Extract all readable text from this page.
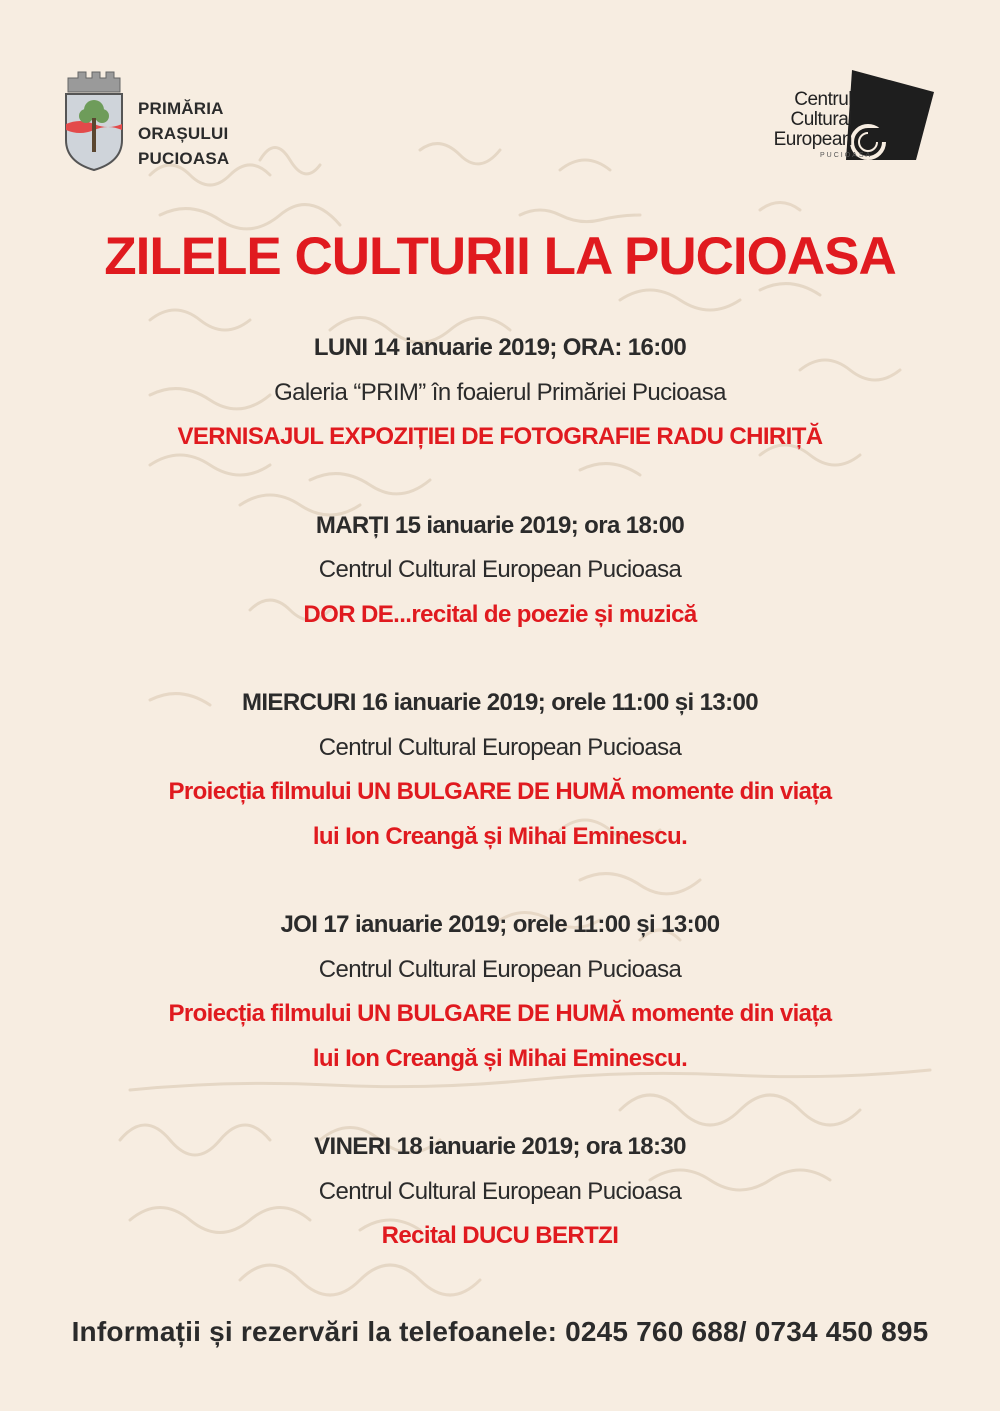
PRIMĂRIA
ORAȘULUI PUCIOASA
Centrul
Cultural
European
PUCIOASA
ZILELE CULTURII LA PUCIOASA
LUNI 14 ianuarie 2019; ORA: 16:00
Galeria “PRIM” în foaierul Primăriei Pucioasa
VERNISAJUL EXPOZIȚIEI DE FOTOGRAFIE RADU CHIRIȚĂ
MARȚI 15 ianuarie 2019; ora 18:00
Centrul Cultural European Pucioasa
DOR DE...recital de poezie și muzică
MIERCURI 16 ianuarie 2019; orele 11:00 și 13:00
Centrul Cultural European Pucioasa
Proiecția filmului UN BULGARE DE HUMĂ momente din viața
lui Ion Creangă și Mihai Eminescu.
JOI 17 ianuarie 2019; orele 11:00 și 13:00
Centrul Cultural European Pucioasa
Proiecția filmului UN BULGARE DE HUMĂ momente din viața
lui Ion Creangă și Mihai Eminescu.
VINERI 18 ianuarie 2019; ora 18:30
Centrul Cultural European Pucioasa
Recital DUCU BERTZI
Informații și rezervări la telefoanele: 0245 760 688/ 0734 450 895
